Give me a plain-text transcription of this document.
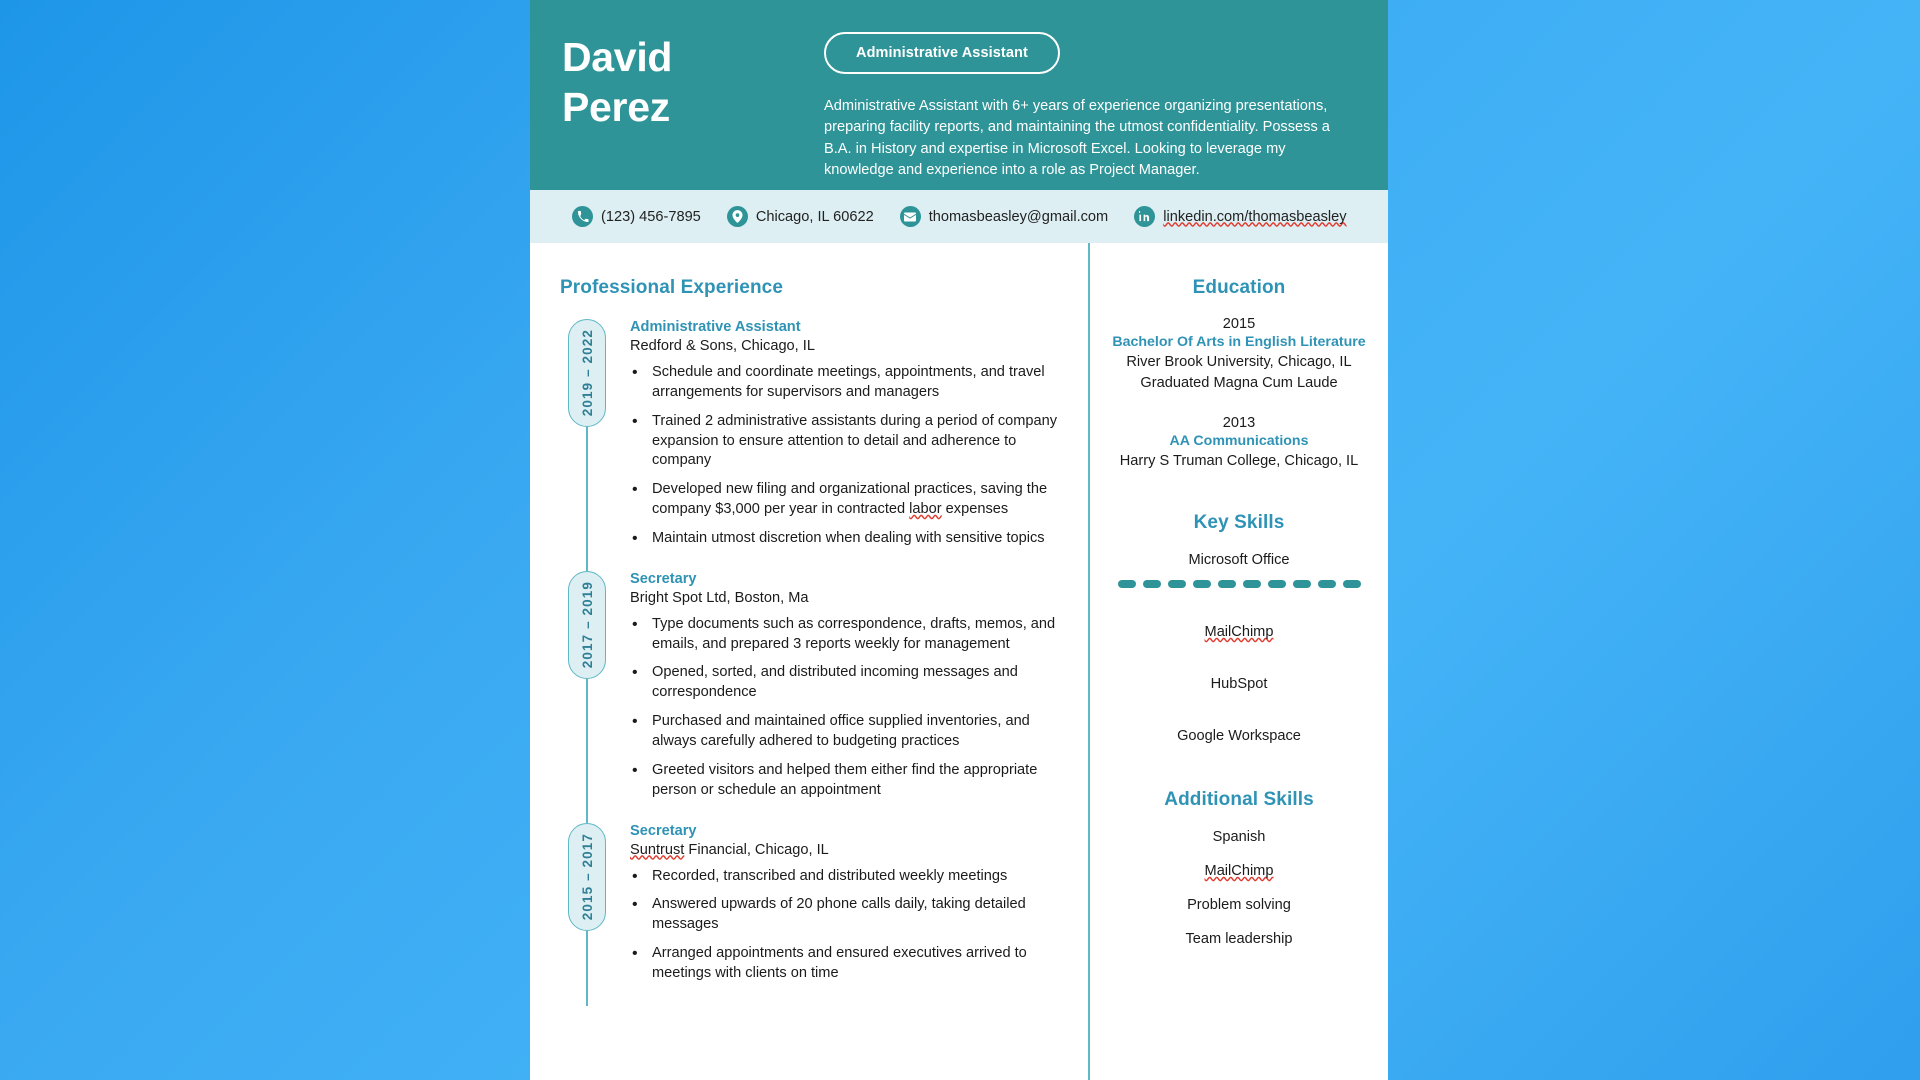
David
Perez
Administrative Assistant
Administrative Assistant with 6+ years of experience organizing presentations, preparing facility reports, and maintaining the utmost confidentiality. Possess a B.A. in History and expertise in Microsoft Excel. Looking to leverage my knowledge and experience into a role as Project Manager.
(123) 456-7895	Chicago, IL 60622	thomasbeasley@gmail.com	linkedin.com/thomasbeasley
Professional Experience
2019 – 2022
Administrative Assistant
Redford & Sons, Chicago, IL
• Schedule and coordinate meetings, appointments, and travel arrangements for supervisors and managers
• Trained 2 administrative assistants during a period of company expansion to ensure attention to detail and adherence to company
• Developed new filing and organizational practices, saving the company $3,000 per year in contracted labor expenses
• Maintain utmost discretion when dealing with sensitive topics
2017 – 2019
Secretary
Bright Spot Ltd, Boston, Ma
• Type documents such as correspondence, drafts, memos, and emails, and prepared 3 reports weekly for management
• Opened, sorted, and distributed incoming messages and correspondence
• Purchased and maintained office supplied inventories, and always carefully adhered to budgeting practices
• Greeted visitors and helped them either find the appropriate person or schedule an appointment
2015 – 2017
Secretary
Suntrust Financial, Chicago, IL
• Recorded, transcribed and distributed weekly meetings
• Answered upwards of 20 phone calls daily, taking detailed messages
• Arranged appointments and ensured executives arrived to meetings with clients on time
Education
2015
Bachelor Of Arts in English Literature
River Brook University, Chicago, IL
Graduated Magna Cum Laude
2013
AA Communications
Harry S Truman College, Chicago, IL
Key Skills
Microsoft Office
MailChimp
HubSpot
Google Workspace
Additional Skills
Spanish
MailChimp
Problem solving
Team leadership
